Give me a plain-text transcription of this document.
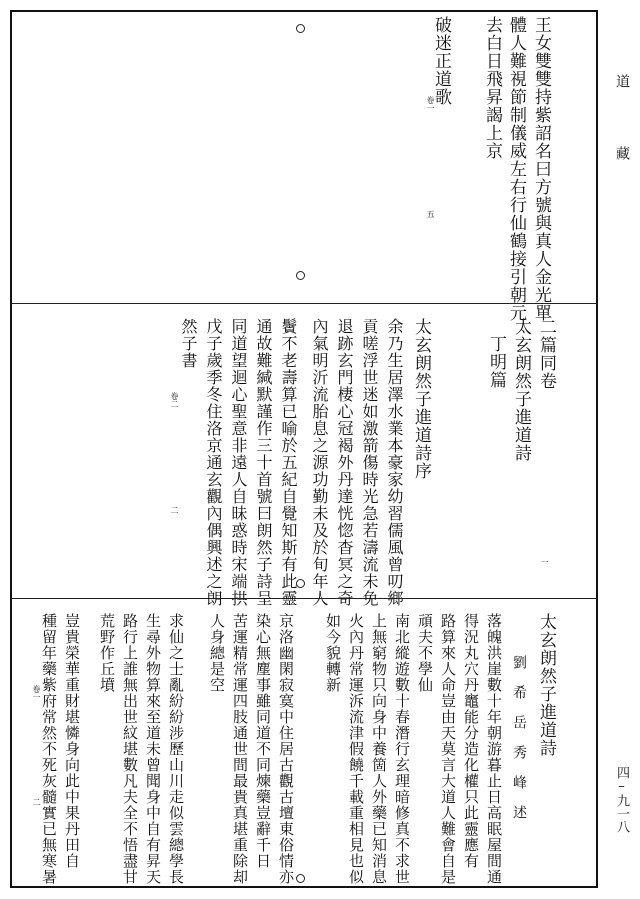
道
藏
四–九一八
王女雙雙持紫詔名曰方號與真人金光單
體人難視節制儀威左右行仙鶴接引朝元
去白日飛昇謁上京
破迷正道歌
卷一
五
二篇同卷
太玄朗然子進道詩
丁明篇
一
太玄朗然子進道詩序
余乃生居澤水業本豪家幼習儒風曾叨鄉
貢嗟浮世迷如激箭傷時光急若濤流未免
退跡玄門棲心冠褐外丹達恍惚杳冥之奇
內氣明沂流胎息之源功勤未及於旬年人
鬢不老壽算已喻於五紀自覺知斯有此靈
通故難緘默謹作三十首號曰朗然子詩呈
同道望迴心聖意非遠人自昧惑時宋端拱
戊子歲季冬住洛京通玄觀內偶興述之朗
然子書
卷二
二
太玄朗然子進道詩
劉　希　岳　秀　峰　述
落魄洪崖數十年朝游暮止日高眠屋間通
得況丸穴丹竈能分造化權只此靈應有
路算來人命豈由天莫言大道人難會自是
頑夫不學仙
南北縱遊數十春潛行玄理暗修真不求世
上無窮物只向身中養箇人外藥已知消息
火內丹常運泝流津假饒千載重相見也似
如今貌轉新
京洛幽閑寂寞中住居古觀古壇東俗情亦
染心無塵事雖同道不同煉藥豈辭千日
苦運精常運四肢通世間最貴真堪重除却
人身總是空
求仙之士亂紛紛涉歷山川走似雲總學長
生尋外物算來至道未曾聞身中自有昇天
路行上誰無出世紋堪數凡夫全不悟盡甘
荒野作丘墳
豈貴榮華重財堪憐身向此中果丹田自
種留年藥紫府常然不死灰髓實已無寒暑
卷一
二
